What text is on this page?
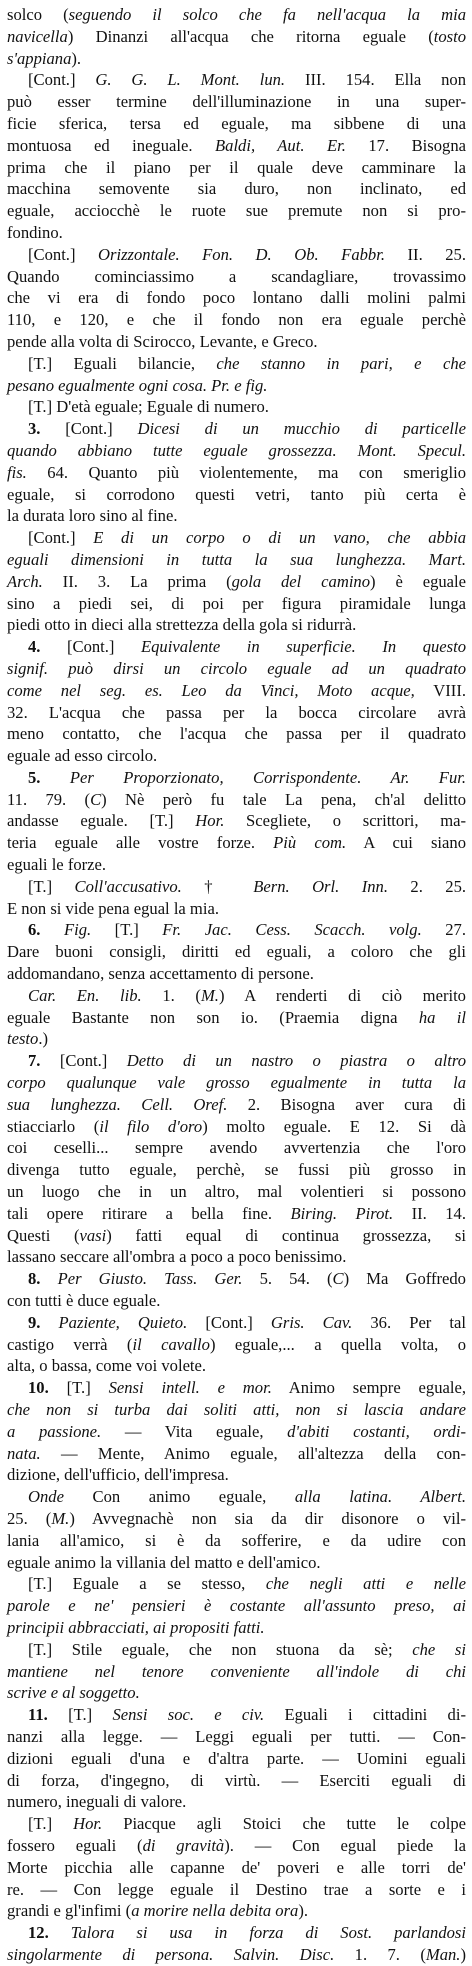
solco (seguendo il solco che fa nell'acqua la mia
navicella) Dinanzi all'acqua che ritorna eguale (tosto
s'appiana).
[Cont.] G. G. L. Mont. lun. III. 154. Ella non
può esser termine dell'illuminazione in una super-
ficie sferica, tersa ed eguale, ma sibbene di una
montuosa ed ineguale. Baldi, Aut. Er. 17. Bisogna
prima che il piano per il quale deve camminare la
macchina semovente sia duro, non inclinato, ed
eguale, acciocchè le ruote sue premute non si pro-
fondino.
[Cont.] Orizzontale. Fon. D. Ob. Fabbr. II. 25.
Quando cominciassimo a scandagliare, trovassimo
che vi era di fondo poco lontano dalli molini palmi
110, e 120, e che il fondo non era eguale perchè
pende alla volta di Scirocco, Levante, e Greco.
[T.] Eguali bilancie, che stanno in pari, e che
pesano egualmente ogni cosa. Pr. e fig.
[T.] D'età eguale; Eguale di numero.
3. [Cont.] Dicesi di un mucchio di particelle
quando abbiano tutte eguale grossezza. Mont. Specul.
fis. 64. Quanto più violentemente, ma con smeriglio
eguale, si corrodono questi vetri, tanto più certa è
la durata loro sino al fine.
[Cont.] E di un corpo o di un vano, che abbia
eguali dimensioni in tutta la sua lunghezza. Mart.
Arch. II. 3. La prima (gola del camino) è eguale
sino a piedi sei, di poi per figura piramidale lunga
piedi otto in dieci alla strettezza della gola si ridurrà.
4. [Cont.] Equivalente in superficie. In questo
signif. può dirsi un circolo eguale ad un quadrato
come nel seg. es. Leo da Vinci, Moto acque, VIII.
32. L'acqua che passa per la bocca circolare avrà
meno contatto, che l'acqua che passa per il quadrato
eguale ad esso circolo.
5. Per Proporzionato, Corrispondente. Ar. Fur.
11. 79. (C) Nè però fu tale La pena, ch'al delitto
andasse eguale. [T.] Hor. Scegliete, o scrittori, ma-
teria eguale alle vostre forze. Più com. A cui siano
eguali le forze.
[T.] Coll'accusativo. † Bern. Orl. Inn. 2. 25.
E non si vide pena egual la mia.
6. Fig. [T.] Fr. Jac. Cess. Scacch. volg. 27.
Dare buoni consigli, diritti ed eguali, a coloro che gli
addomandano, senza accettamento di persone.
Car. En. lib. 1. (M.) A renderti di ciò merito
eguale Bastante non son io. (Praemia digna ha il
testo.)
7. [Cont.] Detto di un nastro o piastra o altro
corpo qualunque vale grosso egualmente in tutta la
sua lunghezza. Cell. Oref. 2. Bisogna aver cura di
stiacciarlo (il filo d'oro) molto eguale. E 12. Si dà
coi ceselli... sempre avendo avvertenzia che l'oro
divenga tutto eguale, perchè, se fussi più grosso in
un luogo che in un altro, mal volentieri si possono
tali opere ritirare a bella fine. Biring. Pirot. II. 14.
Questi (vasi) fatti equal di continua grossezza, si
lassano seccare all'ombra a poco a poco benissimo.
8. Per Giusto. Tass. Ger. 5. 54. (C) Ma Goffredo
con tutti è duce eguale.
9. Paziente, Quieto. [Cont.] Gris. Cav. 36. Per tal
castigo verrà (il cavallo) eguale,... a quella volta, o
alta, o bassa, come voi volete.
10. [T.] Sensi intell. e mor. Animo sempre eguale,
che non si turba dai soliti atti, non si lascia andare
a passione. — Vita eguale, d'abiti costanti, ordi-
nata. — Mente, Animo eguale, all'altezza della con-
dizione, dell'ufficio, dell'impresa.
Onde Con animo eguale, alla latina. Albert.
25. (M.) Avvegnachè non sia da dir disonore o vil-
lania all'amico, si è da sofferire, e da udire con
eguale animo la villania del matto e dell'amico.
[T.] Eguale a se stesso, che negli atti e nelle
parole e ne' pensieri è costante all'assunto preso, ai
principii abbracciati, ai propositi fatti.
[T.] Stile eguale, che non stuona da sè; che si
mantiene nel tenore conveniente all'indole di chi
scrive e al soggetto.
11. [T.] Sensi soc. e civ. Eguali i cittadini di-
nanzi alla legge. — Leggi eguali per tutti. — Con-
dizioni eguali d'una e d'altra parte. — Uomini eguali
di forza, d'ingegno, di virtù. — Eserciti eguali di
numero, ineguali di valore.
[T.] Hor. Piacque agli Stoici che tutte le colpe
fossero eguali (di gravità). — Con egual piede la
Morte picchia alle capanne de' poveri e alle torri de'
re. — Con legge eguale il Destino trae a sorte e i
grandi e gl'infimi (a morire nella debita ora).
12. Talora si usa in forza di Sost. parlandosi
singolarmente di persona. Salvin. Disc. 1. 7. (Man.)
